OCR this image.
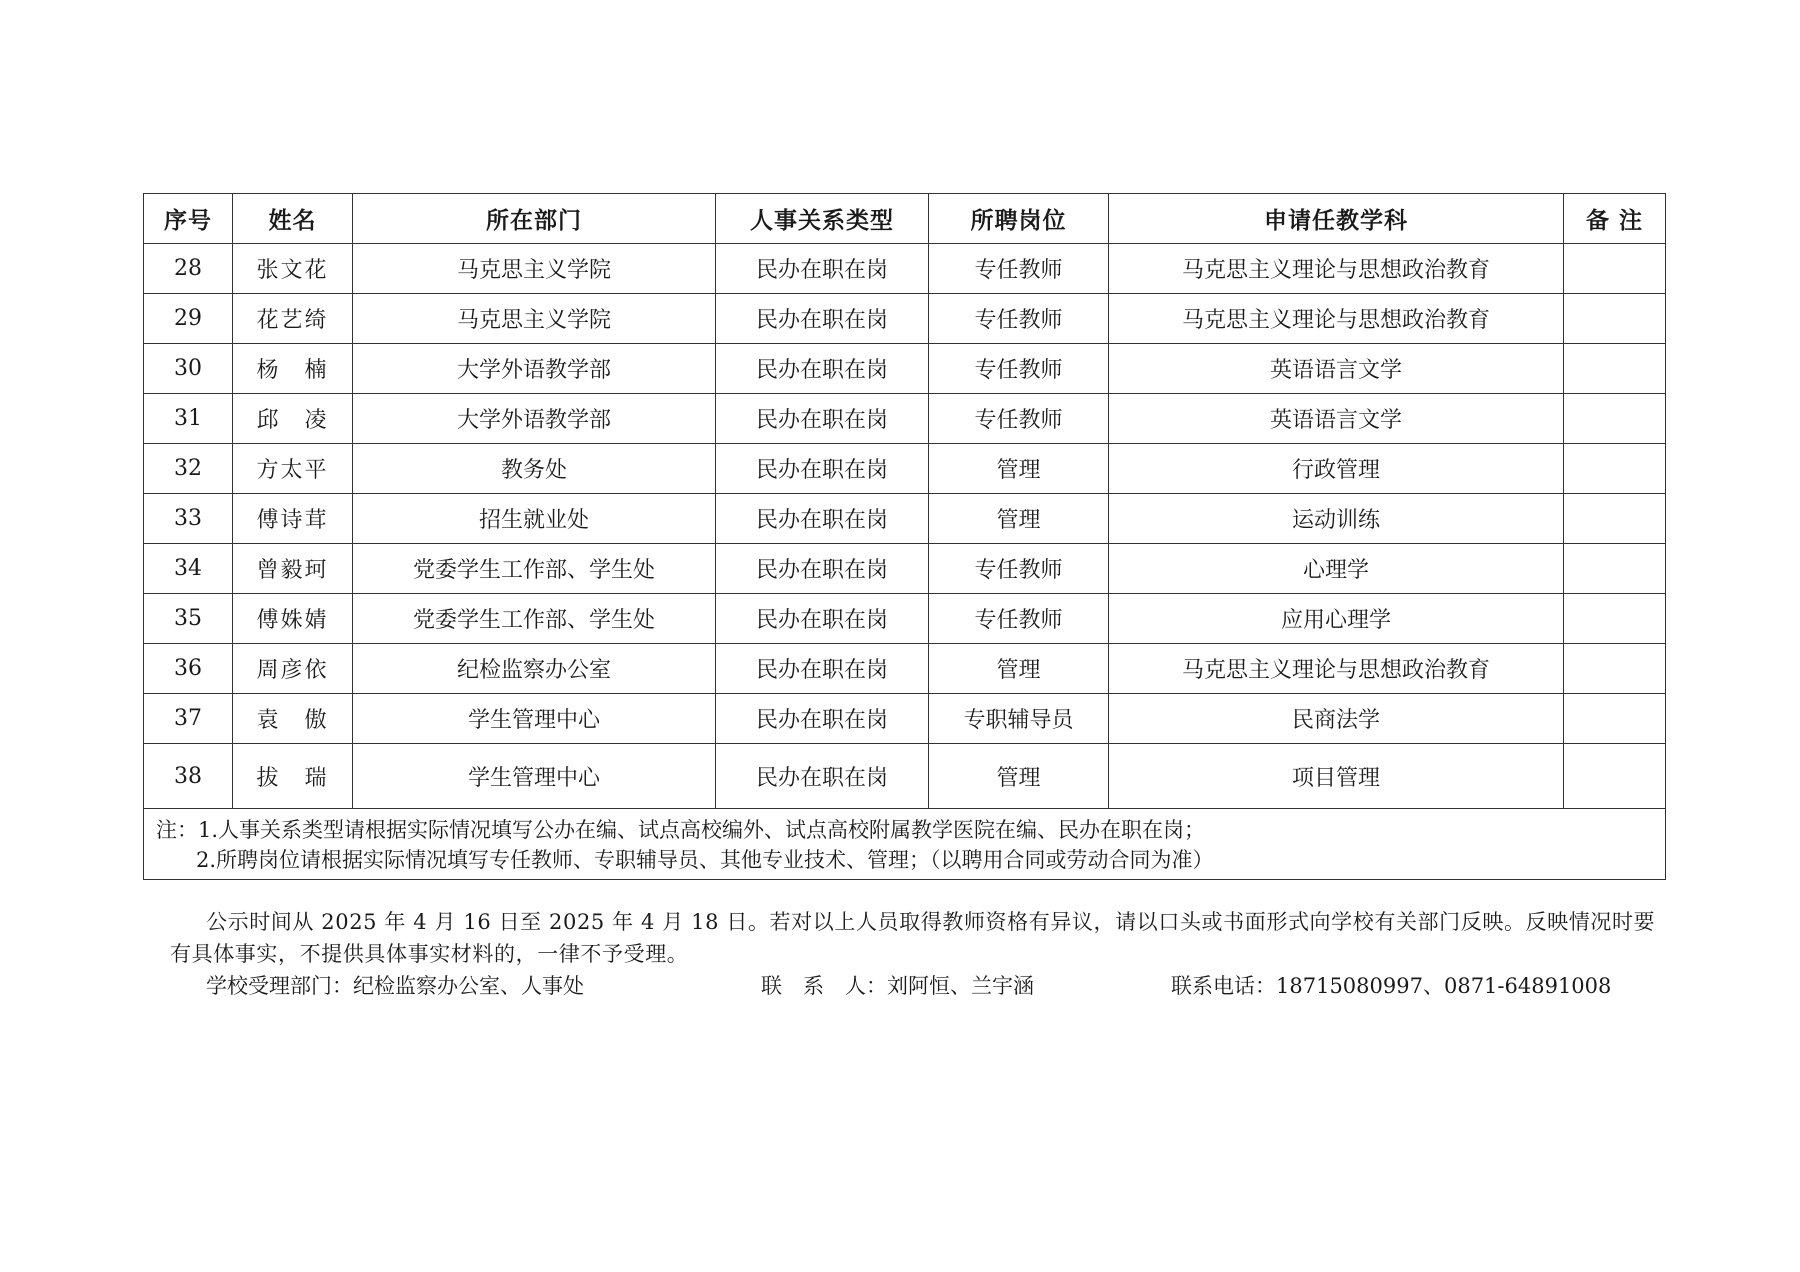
序号	姓名	所在部门	人事关系类型	所聘岗位	申请任教学科	备 注
28	张文花	马克思主义学院	民办在职在岗	专任教师	马克思主义理论与思想政治教育	
29	花艺绮	马克思主义学院	民办在职在岗	专任教师	马克思主义理论与思想政治教育	
30	杨　楠	大学外语教学部	民办在职在岗	专任教师	英语语言文学	
31	邱　凌	大学外语教学部	民办在职在岗	专任教师	英语语言文学	
32	方太平	教务处	民办在职在岗	管理	行政管理	
33	傅诗茸	招生就业处	民办在职在岗	管理	运动训练	
34	曾毅珂	党委学生工作部、学生处	民办在职在岗	专任教师	心理学	
35	傅姝婧	党委学生工作部、学生处	民办在职在岗	专任教师	应用心理学	
36	周彦依	纪检监察办公室	民办在职在岗	管理	马克思主义理论与思想政治教育	
37	袁　傲	学生管理中心	民办在职在岗	专职辅导员	民商法学	
38	拔　瑞	学生管理中心	民办在职在岗	管理	项目管理	

注：1.人事关系类型请根据实际情况填写公办在编、试点高校编外、试点高校附属教学医院在编、民办在职在岗；
2.所聘岗位请根据实际情况填写专任教师、专职辅导员、其他专业技术、管理；（以聘用合同或劳动合同为准）						
公示时间从 2025 年 4 月 16 日至 2025 年 4 月 18 日。若对以上人员取得教师资格有异议，请以口头或书面形式向学校有关部门反映。反映情况时要有具体事实，不提供具体事实材料的，一律不予受理。
学校受理部门：纪检监察办公室、人事处	联　系　人：刘阿恒、兰宇涵	联系电话：18715080997、0871-64891008
